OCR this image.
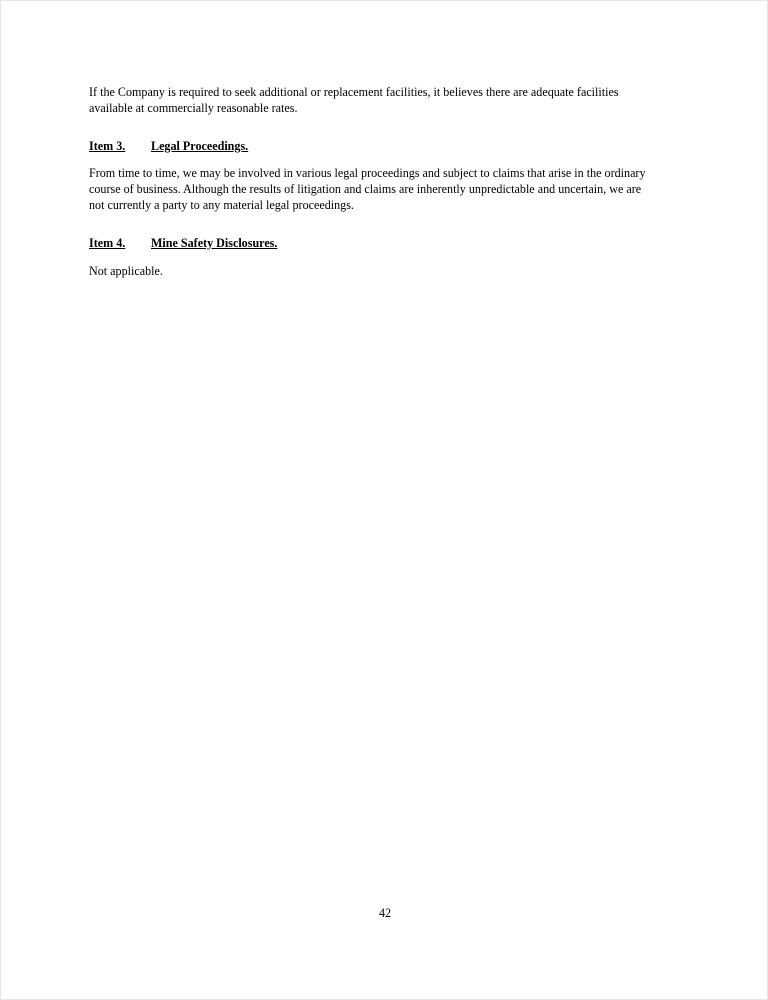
If the Company is required to seek additional or replacement facilities, it believes there are adequate facilities available at commercially reasonable rates.

Item 3. Legal Proceedings.

From time to time, we may be involved in various legal proceedings and subject to claims that arise in the ordinary course of business. Although the results of litigation and claims are inherently unpredictable and uncertain, we are not currently a party to any material legal proceedings.

Item 4. Mine Safety Disclosures.

Not applicable.

42
